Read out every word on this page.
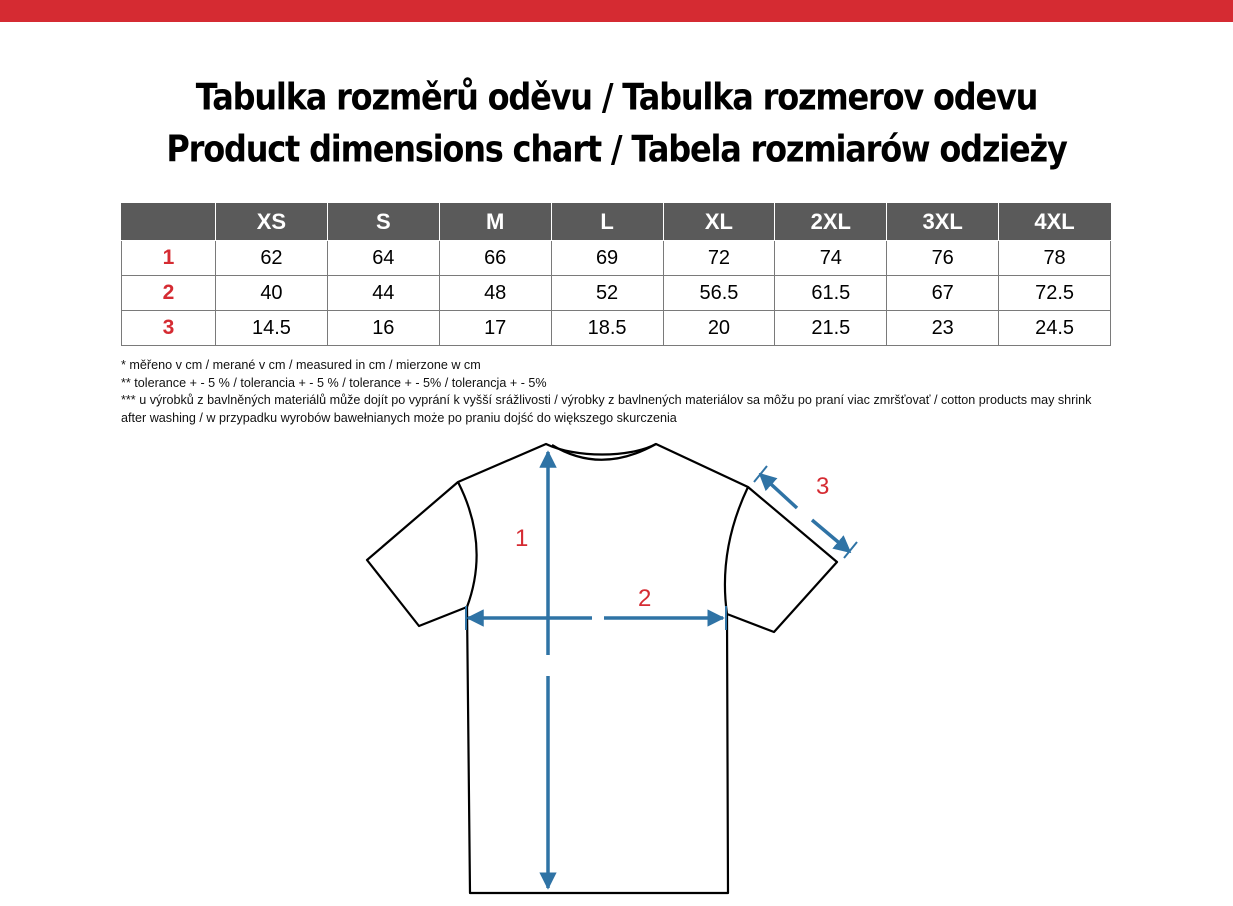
Tabulka rozměrů oděvu / Tabulka rozmerov odevu
Product dimensions chart / Tabela rozmiarów odzieży
	XS	S	M	L	XL	2XL	3XL	4XL
1	62	64	66	69	72	74	76	78
2	40	44	48	52	56.5	61.5	67	72.5
3	14.5	16	17	18.5	20	21.5	23	24.5
* měřeno v cm / merané v cm / measured in cm / mierzone w cm
** tolerance + - 5 % / tolerancia + - 5 % / tolerance + - 5% / tolerancja + - 5%
*** u výrobků z bavlněných materiálů může dojít po vyprání k vyšší srážlivosti / výrobky z bavlnených materiálov sa môžu po praní viac zmršťovať / cotton products may shrink after washing / w przypadku wyrobów bawełnianych może po praniu dojść do większego skurczenia
1
2
3
